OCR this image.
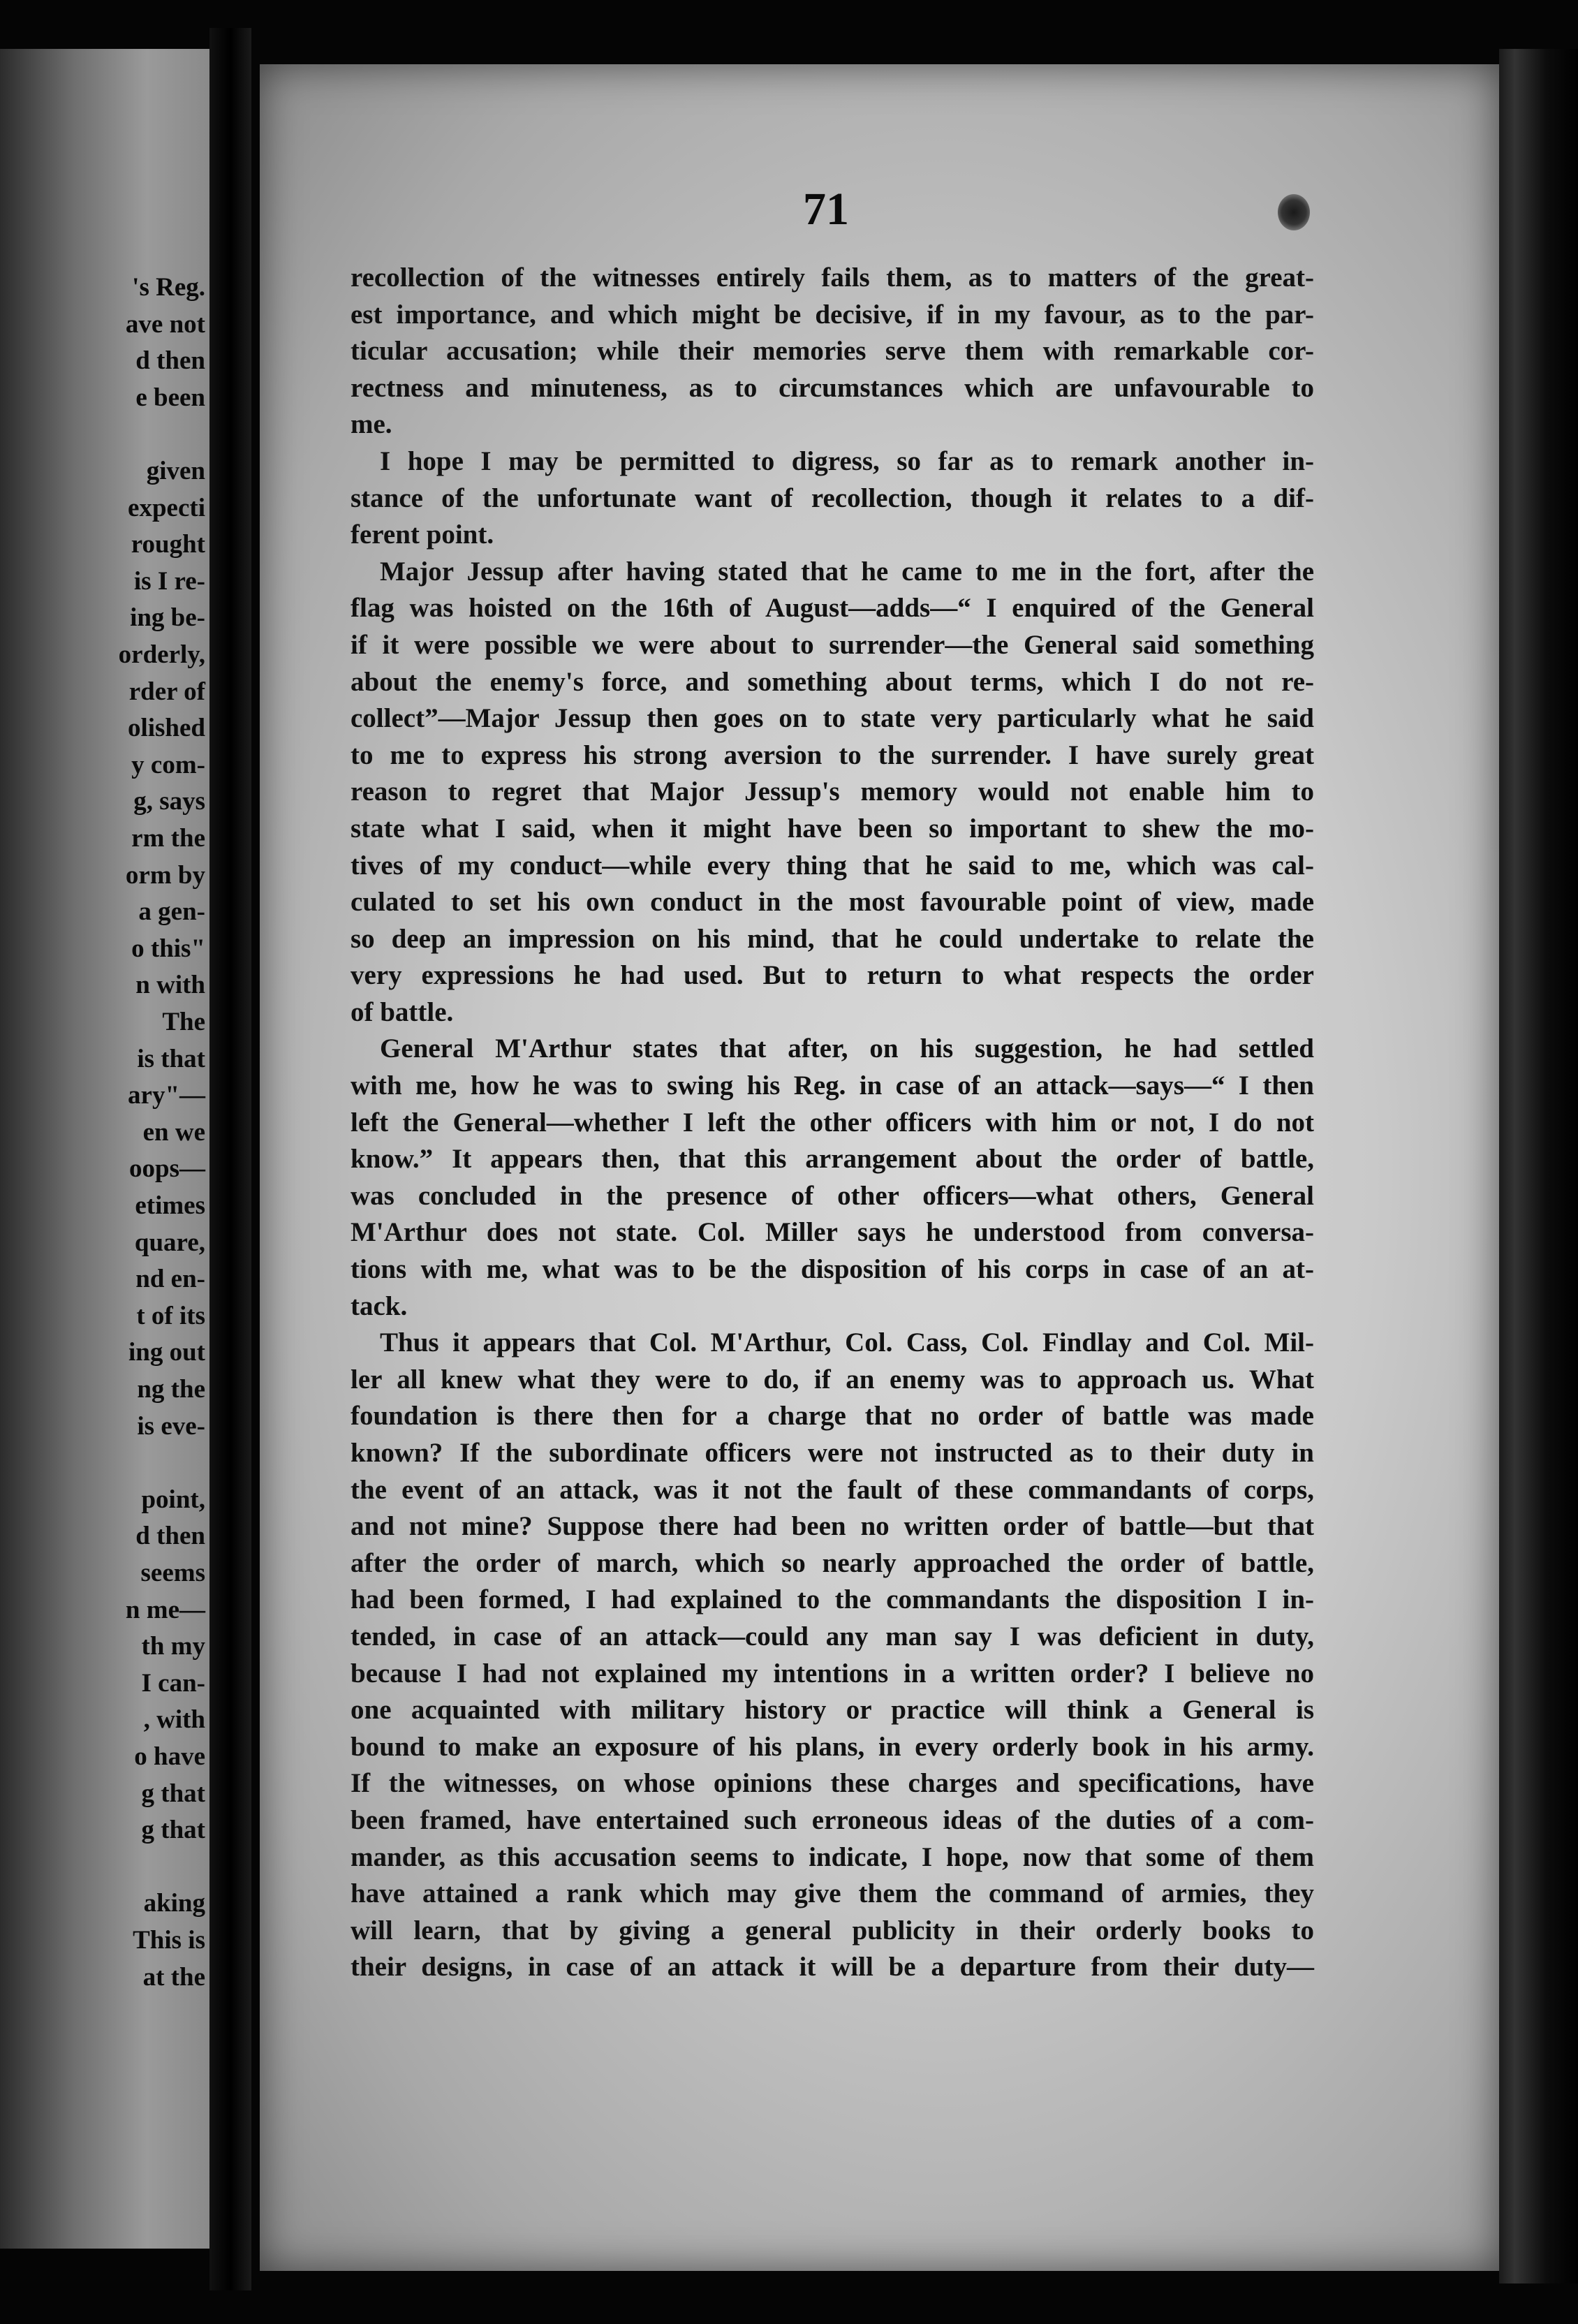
's Reg.
ave not
d then
e been
given
expecti
rought
is I re-
ing be-
orderly,
rder of
olished
y com-
g, says
rm the
orm by
a gen-
o this"
n with
The
is that
ary"—
en we
oops—
etimes
quare,
nd en-
t of its
ing out
ng the
is eve-
point,
d then
seems
n me—
th my
I can-
, with
o have
g that
g that
aking
This is
at the
71
recollection of the witnesses entirely fails them, as to matters of the great-
est importance, and which might be decisive, if in my favour, as to the par-
ticular accusation; while their memories serve them with remarkable cor-
rectness and minuteness, as to circumstances which are unfavourable to
me.
I hope I may be permitted to digress, so far as to remark another in-
stance of the unfortunate want of recollection, though it relates to a dif-
ferent point.
Major Jessup after having stated that he came to me in the fort, after the
flag was hoisted on the 16th of August—adds—“ I enquired of the General
if it were possible we were about to surrender—the General said something
about the enemy's force, and something about terms, which I do not re-
collect”—Major Jessup then goes on to state very particularly what he said
to me to express his strong aversion to the surrender. I have surely great
reason to regret that Major Jessup's memory would not enable him to
state what I said, when it might have been so important to shew the mo-
tives of my conduct—while every thing that he said to me, which was cal-
culated to set his own conduct in the most favourable point of view, made
so deep an impression on his mind, that he could undertake to relate the
very expressions he had used. But to return to what respects the order
of battle.
General M'Arthur states that after, on his suggestion, he had settled
with me, how he was to swing his Reg. in case of an attack—says—“ I then
left the General—whether I left the other officers with him or not, I do not
know.” It appears then, that this arrangement about the order of battle,
was concluded in the presence of other officers—what others, General
M'Arthur does not state. Col. Miller says he understood from conversa-
tions with me, what was to be the disposition of his corps in case of an at-
tack.
Thus it appears that Col. M'Arthur, Col. Cass, Col. Findlay and Col. Mil-
ler all knew what they were to do, if an enemy was to approach us. What
foundation is there then for a charge that no order of battle was made
known? If the subordinate officers were not instructed as to their duty in
the event of an attack, was it not the fault of these commandants of corps,
and not mine? Suppose there had been no written order of battle—but that
after the order of march, which so nearly approached the order of battle,
had been formed, I had explained to the commandants the disposition I in-
tended, in case of an attack—could any man say I was deficient in duty,
because I had not explained my intentions in a written order? I believe no
one acquainted with military history or practice will think a General is
bound to make an exposure of his plans, in every orderly book in his army.
If the witnesses, on whose opinions these charges and specifications, have
been framed, have entertained such erroneous ideas of the duties of a com-
mander, as this accusation seems to indicate, I hope, now that some of them
have attained a rank which may give them the command of armies, they
will learn, that by giving a general publicity in their orderly books to
their designs, in case of an attack it will be a departure from their duty—
